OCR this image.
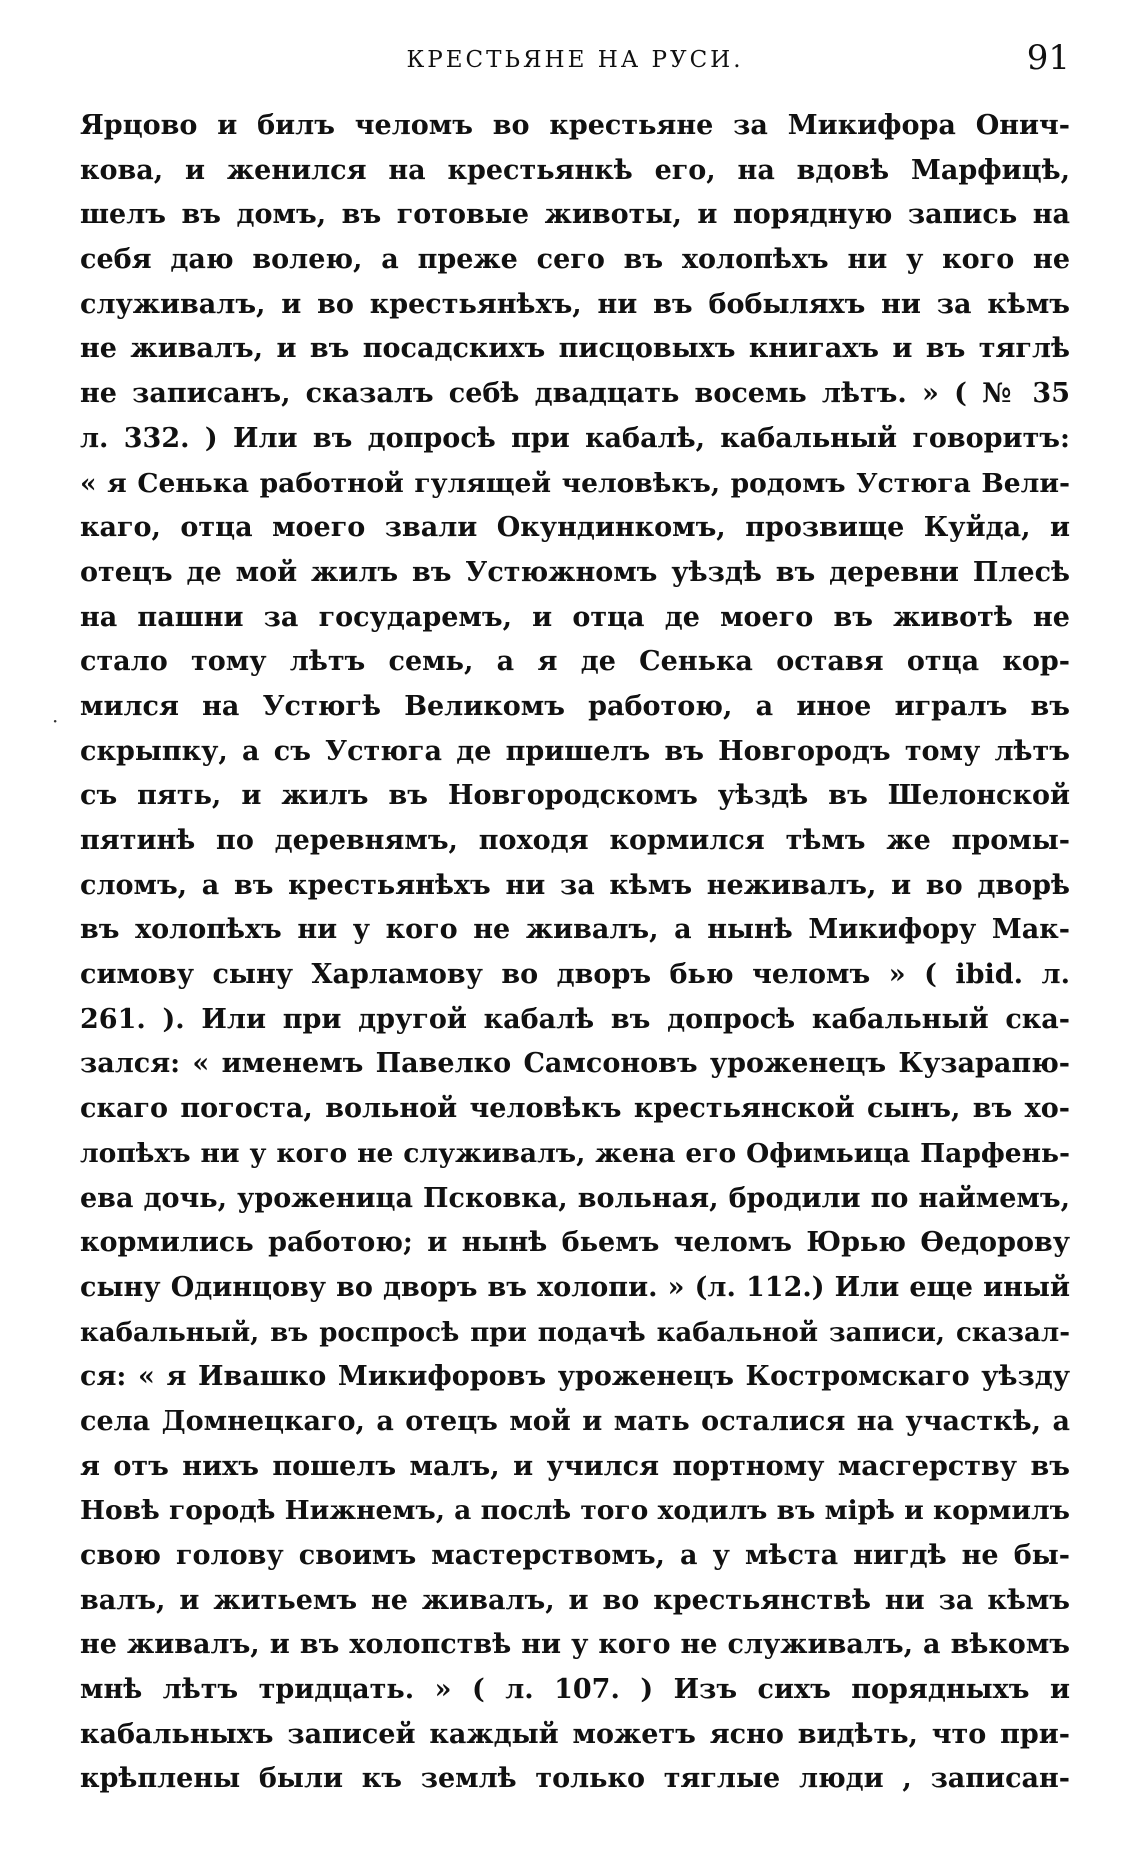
КРЕСТЬЯНЕ НА РУСИ.	91
·
Ярцово и билъ челомъ во крестьяне за Микифора Онич-
кова, и женился на крестьянкѣ его, на вдовѣ Марфицѣ,
шелъ въ домъ, въ готовые животы, и порядную запись на
себя даю волею, а преже сего въ холопѣхъ ни у кого не
служивалъ, и во крестьянѣхъ, ни въ бобыляхъ ни за кѣмъ
не живалъ, и въ посадскихъ писцовыхъ книгахъ и въ тяглѣ
не записанъ, сказалъ себѣ двадцать восемь лѣтъ. » ( № 35
л. 332. ) Или въ допросѣ при кабалѣ, кабальный говоритъ:
« я Сенька работной гулящей человѣкъ, родомъ Устюга Вели-
каго, отца моего звали Окундинкомъ, прозвище Куйда, и
отецъ де мой жилъ въ Устюжномъ уѣздѣ въ деревни Плесѣ
на пашни за государемъ, и отца де моего въ животѣ не
стало тому лѣтъ семь, а я де Сенька оставя отца кор-
мился на Устюгѣ Великомъ работою, а иное игралъ въ
скрыпку, а съ Устюга де пришелъ въ Новгородъ тому лѣтъ
съ пять, и жилъ въ Новгородскомъ уѣздѣ въ Шелонской
пятинѣ по деревнямъ, походя кормился тѣмъ же промы-
сломъ, а въ крестьянѣхъ ни за кѣмъ неживалъ, и во дворѣ
въ холопѣхъ ни у кого не живалъ, а нынѣ Микифору Мак-
симову сыну Харламову во дворъ бью челомъ » ( ibid. л.
261. ). Или при другой кабалѣ въ допросѣ кабальный ска-
зался: « именемъ Павелко Самсоновъ уроженецъ Кузарапю-
скаго погоста, вольной человѣкъ крестьянской сынъ, въ хо-
лопѣхъ ни у кого не служивалъ, жена его Офимьица Парфень-
ева дочь, уроженица Псковка, вольная, бродили по наймемъ,
кормились работою; и нынѣ бьемъ челомъ Юрью Ѳедорову
сыну Одинцову во дворъ въ холопи. » (л. 112.) Или еще иный
кабальный, въ роспросѣ при подачѣ кабальной записи, сказал-
ся: « я Ивашко Микифоровъ уроженецъ Костромскаго уѣзду
села Домнецкаго, а отецъ мой и мать осталися на участкѣ, а
я отъ нихъ пошелъ малъ, и учился портному масгерству въ
Новѣ городѣ Нижнемъ, а послѣ того ходилъ въ мірѣ и кормилъ
свою голову своимъ мастерствомъ, а у мѣста нигдѣ не бы-
валъ, и житьемъ не живалъ, и во крестьянствѣ ни за кѣмъ
не живалъ, и въ холопствѣ ни у кого не служивалъ, а вѣкомъ
мнѣ лѣтъ тридцать. » ( л. 107. ) Изъ сихъ порядныхъ и
кабальныхъ записей каждый можетъ ясно видѣть, что при-
крѣплены были къ землѣ только тяглые люди , записан-
